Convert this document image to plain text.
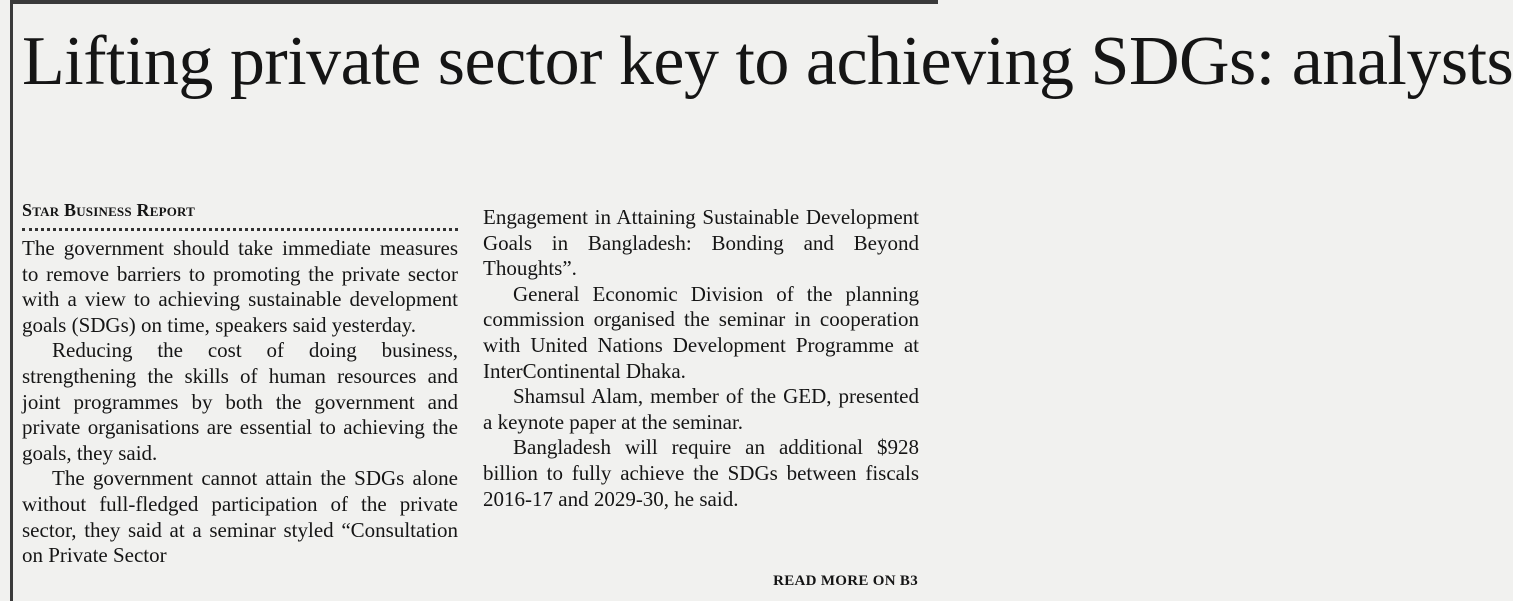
Lifting private sector key to achieving SDGs: analysts
Star Business Report

The government should take immediate measures to remove barriers to promoting the private sector with a view to achieving sustainable development goals (SDGs) on time, speakers said yesterday.

Reducing the cost of doing business, strengthening the skills of human resources and joint programmes by both the government and private organisations are essential to achieving the goals, they said.

The government cannot attain the SDGs alone without full-fledged participation of the private sector, they said at a seminar styled “Consultation on Private Sector

Engagement in Attaining Sustainable Development Goals in Bangladesh: Bonding and Beyond Thoughts”.

General Economic Division of the planning commission organised the seminar in cooperation with United Nations Development Programme at InterContinental Dhaka.

Shamsul Alam, member of the GED, presented a keynote paper at the seminar.

Bangladesh will require an additional $928 billion to fully achieve the SDGs between fiscals 2016-17 and 2029-30, he said.

READ MORE ON B3
